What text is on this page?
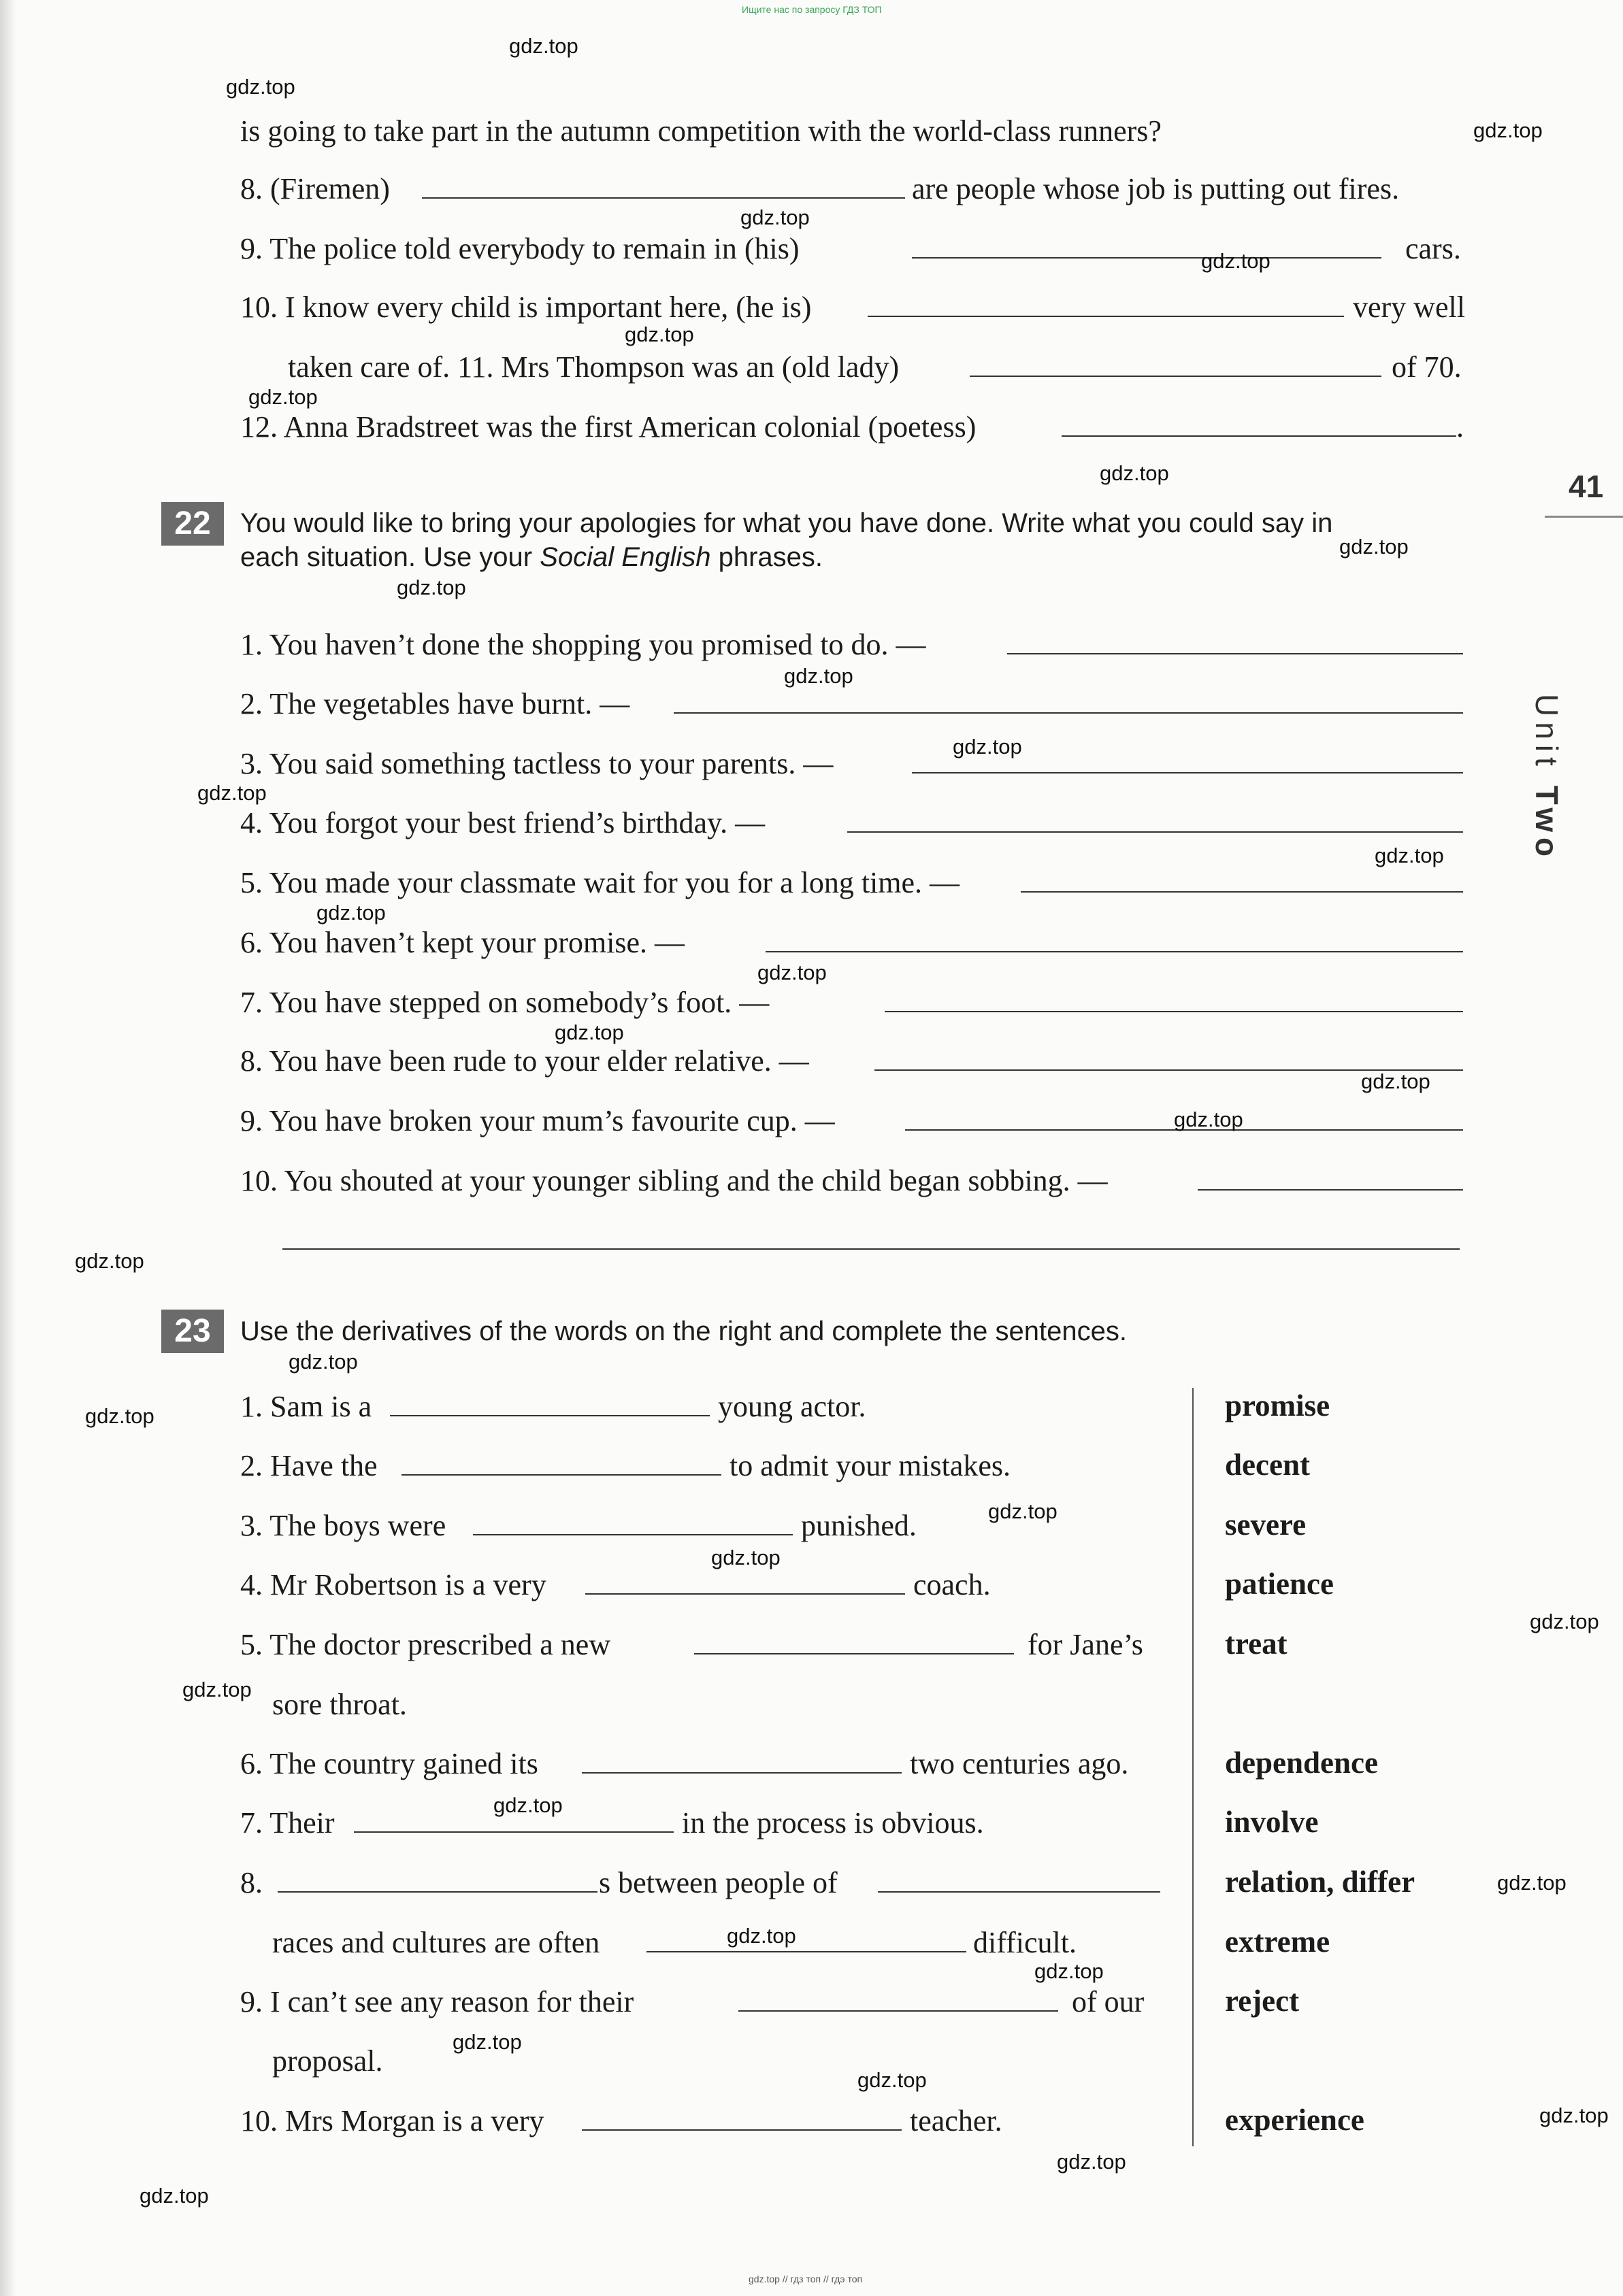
Ищите нас по запросу ГДЗ ТОП
is going to take part in the autumn competition with the world-class runners?
8. (Firemen)	are people whose job is putting out fires.
9. The police told everybody to remain in (his)	cars.
10. I know every child is important here, (he is)	very well
taken care of. 11. Mrs Thompson was an (old lady)	of 70.
12. Anna Bradstreet was the first American colonial (poetess)	.
41
Unit Two
22	You would like to bring your apologies for what you have done. Write what you could say in
each situation. Use your Social English phrases.
1. You haven’t done the shopping you promised to do. —
2. The vegetables have burnt. —
3. You said something tactless to your parents. —
4. You forgot your best friend’s birthday. —
5. You made your classmate wait for you for a long time. —
6. You haven’t kept your promise. —
7. You have stepped on somebody’s foot. —
8. You have been rude to your elder relative. —
9. You have broken your mum’s favourite cup. —
10. You shouted at your younger sibling and the child began sobbing. —
23	Use the derivatives of the words on the right and complete the sentences.
1. Sam is a	young actor.
2. Have the	to admit your mistakes.
3. The boys were	punished.
4. Mr Robertson is a very	coach.
5. The doctor prescribed a new	for Jane’s
sore throat.
6. The country gained its	two centuries ago.
7. Their	in the process is obvious.
8.	s between people of
races and cultures are often	difficult.
9. I can’t see any reason for their	of our
proposal.
10. Mrs Morgan is a very	teacher.
promise
decent
severe
patience
treat
dependence
involve
relation, differ
extreme
reject
experience
gdz.top
gdz.top
gdz.top
gdz.top
gdz.top
gdz.top
gdz.top
gdz.top
gdz.top
gdz.top
gdz.top
gdz.top
gdz.top
gdz.top
gdz.top
gdz.top
gdz.top
gdz.top
gdz.top
gdz.top
gdz.top
gdz.top
gdz.top
gdz.top
gdz.top
gdz.top
gdz.top
gdz.top
gdz.top
gdz.top
gdz.top
gdz.top
gdz.top
gdz.top
gdz.top
gdz.top // гдз топ // гдэ топ
